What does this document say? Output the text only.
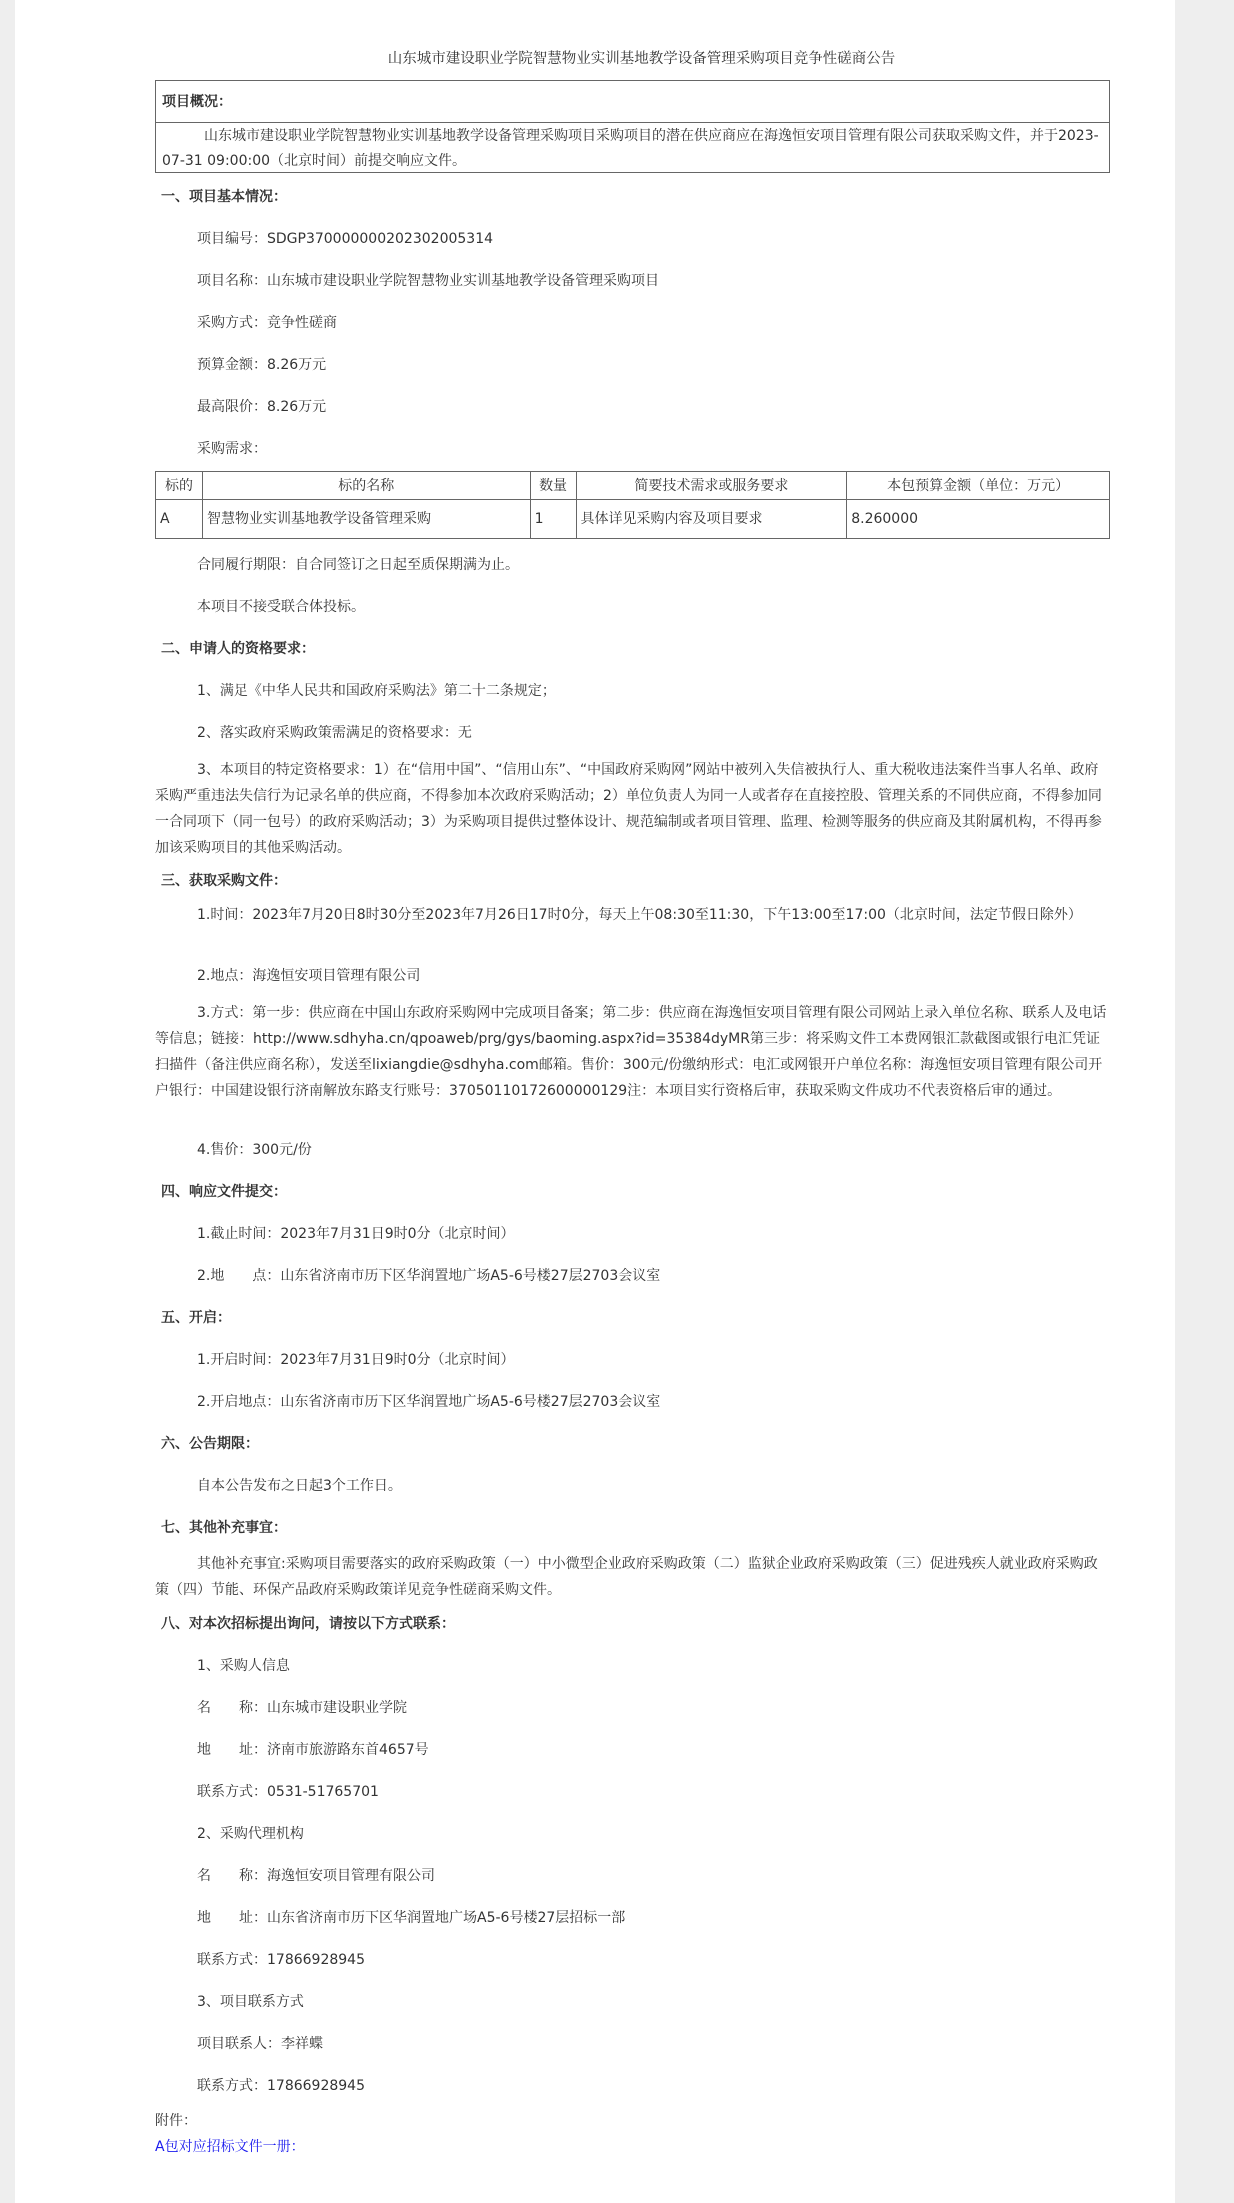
山东城市建设职业学院智慧物业实训基地教学设备管理采购项目竞争性磋商公告
项目概况：
山东城市建设职业学院智慧物业实训基地教学设备管理采购项目采购项目的潜在供应商应在海逸恒安项目管理有限公司获取采购文件，并于2023-07-31 09:00:00（北京时间）前提交响应文件。
一、项目基本情况：
项目编号：SDGP370000000202302005314
项目名称：山东城市建设职业学院智慧物业实训基地教学设备管理采购项目
采购方式：竞争性磋商
预算金额：8.26万元
最高限价：8.26万元
采购需求：
标的	标的名称	数量	简要技术需求或服务要求	本包预算金额（单位：万元）
A	智慧物业实训基地教学设备管理采购	1	具体详见采购内容及项目要求	8.260000
合同履行期限：自合同签订之日起至质保期满为止。
本项目不接受联合体投标。
二、申请人的资格要求：
1、满足《中华人民共和国政府采购法》第二十二条规定；
2、落实政府采购政策需满足的资格要求：无
3、本项目的特定资格要求：1）在“信用中国”、“信用山东”、“中国政府采购网”网站中被列入失信被执行人、重大税收违法案件当事人名单、政府采购严重违法失信行为记录名单的供应商，不得参加本次政府采购活动；2）单位负责人为同一人或者存在直接控股、管理关系的不同供应商，不得参加同一合同项下（同一包号）的政府采购活动；3）为采购项目提供过整体设计、规范编制或者项目管理、监理、检测等服务的供应商及其附属机构，不得再参加该采购项目的其他采购活动。
三、获取采购文件：
1.时间：2023年7月20日8时30分至2023年7月26日17时0分，每天上午08:30至11:30，下午13:00至17:00（北京时间，法定节假日除外）
2.地点：海逸恒安项目管理有限公司
3.方式：第一步：供应商在中国山东政府采购网中完成项目备案；第二步：供应商在海逸恒安项目管理有限公司网站上录入单位名称、联系人及电话等信息；链接：http://www.sdhyha.cn/qpoaweb/prg/gys/baoming.aspx?id=35384dyMR第三步：将采购文件工本费网银汇款截图或银行电汇凭证扫描件（备注供应商名称），发送至lixiangdie@sdhyha.com邮箱。售价：300元/份缴纳形式：电汇或网银开户单位名称：海逸恒安项目管理有限公司开户银行：中国建设银行济南解放东路支行账号：37050110172600000129注：本项目实行资格后审，获取采购文件成功不代表资格后审的通过。
4.售价：300元/份
四、响应文件提交：
1.截止时间：2023年7月31日9时0分（北京时间）
2.地　　点：山东省济南市历下区华润置地广场A5-6号楼27层2703会议室
五、开启：
1.开启时间：2023年7月31日9时0分（北京时间）
2.开启地点：山东省济南市历下区华润置地广场A5-6号楼27层2703会议室
六、公告期限：
自本公告发布之日起3个工作日。
七、其他补充事宜：
其他补充事宜:采购项目需要落实的政府采购政策（一）中小微型企业政府采购政策（二）监狱企业政府采购政策（三）促进残疾人就业政府采购政策（四）节能、环保产品政府采购政策详见竞争性磋商采购文件。
八、对本次招标提出询问，请按以下方式联系：
1、采购人信息
名　　称：山东城市建设职业学院
地　　址：济南市旅游路东首4657号
联系方式：0531-51765701
2、采购代理机构
名　　称：海逸恒安项目管理有限公司
地　　址：山东省济南市历下区华润置地广场A5-6号楼27层招标一部
联系方式：17866928945
3、项目联系方式
项目联系人：李祥蝶
联系方式：17866928945
附件：
A包对应招标文件一册：
